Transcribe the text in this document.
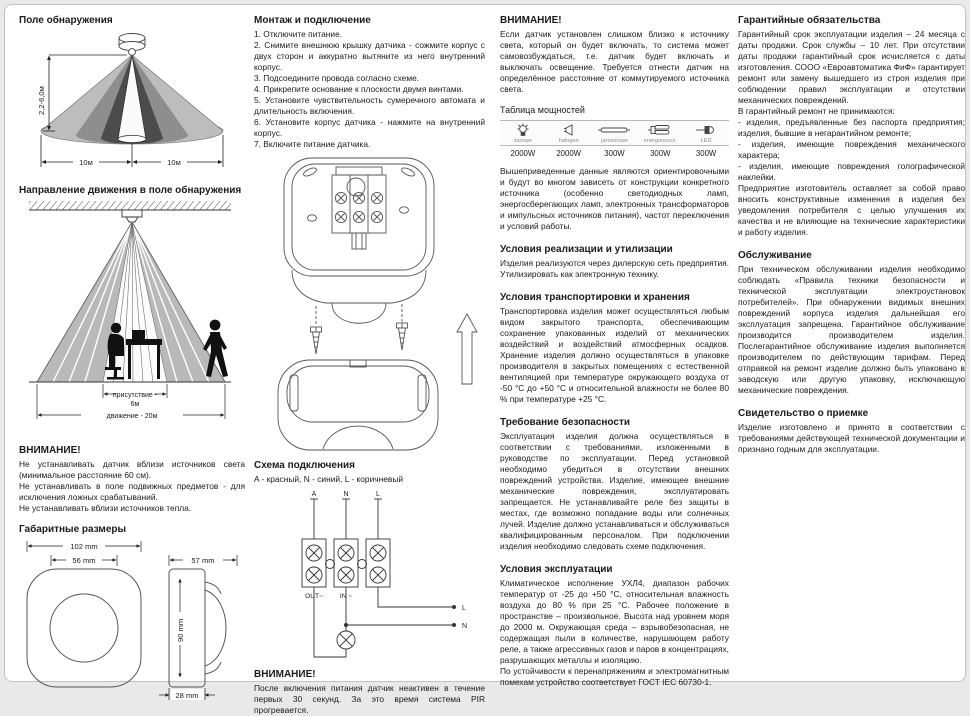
Поле обнаружения
2,2-6,0м
10м	10м
Направление движения в поле обнаружения
присутствие -
6м
движение - 20м
ВНИМАНИЕ!

Не устанавливать датчик вблизи источников света (минимальное расстояние 60 см).

Не устанавливать в поле подвижных предметов - для исключения ложных срабатываний.

Не устанавливать вблизи источников тепла.

Габаритные размеры
102 mm
56 mm	57 mm
90 mm
28 mm
Монтаж и подключение

1. Отключите питание.

2. Снимите внешнюю крышку датчика - сожмите корпус с двух сторон и аккуратно вытяните из него внутренний корпус.

3. Подсоедините провода согласно схеме.

4. Прикрепите основание к плоскости двумя винтами.

5. Установите чувствительность сумеречного автомата и длительность включения.

6. Установите корпус датчика - нажмите на внутренний корпус.

7. Включите питание датчика.

Схема подключения

A - красный, N - синий, L - коричневый

A	N	L
OUT~	IN ~
L
N
ВНИМАНИЕ!

После включения питания датчик неактивен в течение первых 30 секунд. За это время система PIR прогревается.

ВНИМАНИЕ!

Если датчик установлен слишком близко к источнику света, который он будет включать, то система может самовозбуждаться, т.е. датчик будет включать и выключать освещение. Требуется отнести датчик на определённое расстояние от коммутируемого источника света.

Таблица мощностей
żarowe	halogen	jarzeniowe	energooszcz.	LED
2000W	2000W	300W	300W	300W

Вышеприведенные данные являются ориентировочными и будут во многом зависеть от конструкции конкретного источника (особенно светодиодных ламп, энергосберегающих ламп, электронных трансформаторов и импульсных источников питания), частот переключения и условий работы.

Условия реализации и утилизации

Изделия реализуются через дилерскую сеть предприятия. Утилизировать как электронную технику.

Условия транспортировки и хранения

Транспортировка изделия может осуществляться любым видом закрытого транспорта, обеспечивающим сохранение упакованных изделий от механических воздействий и воздействий атмосферных осадков. Хранение изделия должно осуществляться в упаковке производителя в закрытых помещениях с естественной вентиляцией при температуре окружающего воздуха от -50 °С до +50 °С и относительной влажности не более 80 % при температуре +25 °С.

Требование безопасности

Эксплуатация изделия должна осуществляться в соответствии с требованиями, изложенными в руководстве по эксплуатации. Перед установкой необходимо убедиться в отсутствии внешних повреждений устройства. Изделие, имеющее внешние механические повреждения, эксплуатировать запрещается. Не устанавливайте реле без защиты в местах, где возможно попадание воды или солнечных лучей. Изделие должно устанавливаться и обслуживаться квалифицированным персоналом. При подключении изделия необходимо следовать схеме подключения.

Условия эксплуатации

Климатическое исполнение УХЛ4, диапазон рабочих температур от -25 до +50 °С, относительная влажность воздуха до 80 % при 25 °С. Рабочее положение в пространстве – произвольное. Высота над уровнем моря до 2000 м. Окружающая среда – взрывобезопасная, не содержащая пыли в количестве, нарушающем работу реле, а также агрессивных газов и паров в концентрациях, разрушающих металлы и изоляцию.

По устойчивости к перенапряжениям и электромагнитным помехам устройство соответствует ГОСТ IEC 60730-1.

Гарантийные обязательства

Гарантийный срок эксплуатации изделия – 24 месяца с даты продажи. Срок службы – 10 лет. При отсутствии даты продажи гарантийный срок исчисляется с даты изготовления. СООО «Евроавтоматика ФиФ» гарантирует ремонт или замену вышедшего из строя изделия при соблюдении правил эксплуатации и отсутствии механических повреждений.

В гарантийный ремонт не принимаются:

- изделия, предъявленные без паспорта предприятия; изделия, бывшие в негарантийном ремонте;

- изделия, имеющие повреждения механического характера;

- изделия, имеющие повреждения голографической наклейки.

Предприятие изготовитель оставляет за собой право вносить конструктивные изменения в изделия без уведомления потребителя с целью улучшения их качества и не влияющие на технические характеристики и работу изделия.

Обслуживание

При техническом обслуживании изделия необходимо соблюдать «Правила техники безопасности и технической эксплуатации электроустановок потребителей». При обнаружении видимых внешних повреждений корпуса изделия дальнейшая его эксплуатация запрещена. Гарантийное обслуживание производится производителем изделия. Послегарантийное обслуживание изделия выполняется производителем по действующим тарифам. Перед отправкой на ремонт изделие должно быть упаковано в заводскую или другую упаковку, исключающую механические повреждения.

Свидетельство о приемке

Изделие изготовлено и принято в соответствии с требованиями действующей технической документации и признано годным для эксплуатации.
